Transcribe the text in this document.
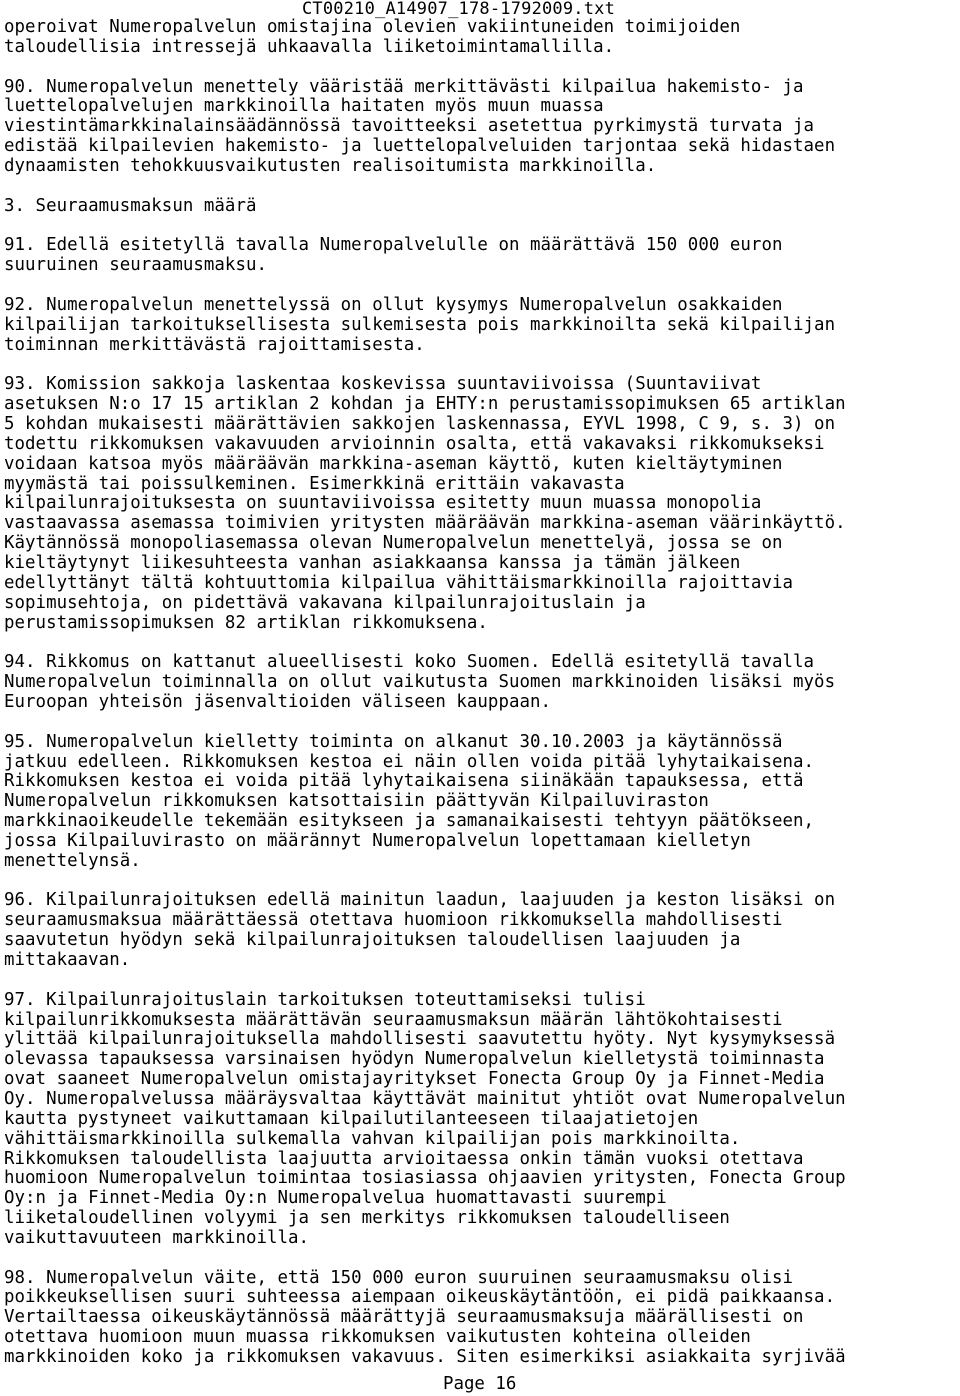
CT00210_A14907_178-1792009.txt
operoivat Numeropalvelun omistajina olevien vakiintuneiden toimijoiden
taloudellisia intressejä uhkaavalla liiketoimintamallilla.
90. Numeropalvelun menettely vääristää merkittävästi kilpailua hakemisto- ja
luettelopalvelujen markkinoilla haitaten myös muun muassa
viestintämarkkinalainsäädännössä tavoitteeksi asetettua pyrkimystä turvata ja
edistää kilpailevien hakemisto- ja luettelopalveluiden tarjontaa sekä hidastaen
dynaamisten tehokkuusvaikutusten realisoitumista markkinoilla.
3. Seuraamusmaksun määrä
91. Edellä esitetyllä tavalla Numeropalvelulle on määrättävä 150 000 euron
suuruinen seuraamusmaksu.
92. Numeropalvelun menettelyssä on ollut kysymys Numeropalvelun osakkaiden
kilpailijan tarkoituksellisesta sulkemisesta pois markkinoilta sekä kilpailijan
toiminnan merkittävästä rajoittamisesta.
93. Komission sakkoja laskentaa koskevissa suuntaviivoissa (Suuntaviivat
asetuksen N:o 17 15 artiklan 2 kohdan ja EHTY:n perustamissopimuksen 65 artiklan
5 kohdan mukaisesti määrättävien sakkojen laskennassa, EYVL 1998, C 9, s. 3) on
todettu rikkomuksen vakavuuden arvioinnin osalta, että vakavaksi rikkomukseksi
voidaan katsoa myös määräävän markkina-aseman käyttö, kuten kieltäytyminen
myymästä tai poissulkeminen. Esimerkkinä erittäin vakavasta
kilpailunrajoituksesta on suuntaviivoissa esitetty muun muassa monopolia
vastaavassa asemassa toimivien yritysten määräävän markkina-aseman väärinkäyttö.
Käytännössä monopoliasemassa olevan Numeropalvelun menettelyä, jossa se on
kieltäytynyt liikesuhteesta vanhan asiakkaansa kanssa ja tämän jälkeen
edellyttänyt tältä kohtuuttomia kilpailua vähittäismarkkinoilla rajoittavia
sopimusehtoja, on pidettävä vakavana kilpailunrajoituslain ja
perustamissopimuksen 82 artiklan rikkomuksena.
94. Rikkomus on kattanut alueellisesti koko Suomen. Edellä esitetyllä tavalla
Numeropalvelun toiminnalla on ollut vaikutusta Suomen markkinoiden lisäksi myös
Euroopan yhteisön jäsenvaltioiden väliseen kauppaan.
95. Numeropalvelun kielletty toiminta on alkanut 30.10.2003 ja käytännössä
jatkuu edelleen. Rikkomuksen kestoa ei näin ollen voida pitää lyhytaikaisena.
Rikkomuksen kestoa ei voida pitää lyhytaikaisena siinäkään tapauksessa, että
Numeropalvelun rikkomuksen katsottaisiin päättyvän Kilpailuviraston
markkinaoikeudelle tekemään esitykseen ja samanaikaisesti tehtyyn päätökseen,
jossa Kilpailuvirasto on määrännyt Numeropalvelun lopettamaan kielletyn
menettelynsä.
96. Kilpailunrajoituksen edellä mainitun laadun, laajuuden ja keston lisäksi on
seuraamusmaksua määrättäessä otettava huomioon rikkomuksella mahdollisesti
saavutetun hyödyn sekä kilpailunrajoituksen taloudellisen laajuuden ja
mittakaavan.
97. Kilpailunrajoituslain tarkoituksen toteuttamiseksi tulisi
kilpailunrikkomuksesta määrättävän seuraamusmaksun määrän lähtökohtaisesti
ylittää kilpailunrajoituksella mahdollisesti saavutettu hyöty. Nyt kysymyksessä
olevassa tapauksessa varsinaisen hyödyn Numeropalvelun kielletystä toiminnasta
ovat saaneet Numeropalvelun omistajayritykset Fonecta Group Oy ja Finnet-Media
Oy. Numeropalvelussa määräysvaltaa käyttävät mainitut yhtiöt ovat Numeropalvelun
kautta pystyneet vaikuttamaan kilpailutilanteeseen tilaajatietojen
vähittäismarkkinoilla sulkemalla vahvan kilpailijan pois markkinoilta.
Rikkomuksen taloudellista laajuutta arvioitaessa onkin tämän vuoksi otettava
huomioon Numeropalvelun toimintaa tosiasiassa ohjaavien yritysten, Fonecta Group
Oy:n ja Finnet-Media Oy:n Numeropalvelua huomattavasti suurempi
liiketaloudellinen volyymi ja sen merkitys rikkomuksen taloudelliseen
vaikuttavuuteen markkinoilla.
98. Numeropalvelun väite, että 150 000 euron suuruinen seuraamusmaksu olisi
poikkeuksellisen suuri suhteessa aiempaan oikeuskäytäntöön, ei pidä paikkaansa.
Vertailtaessa oikeuskäytännössä määrättyjä seuraamusmaksuja määrällisesti on
otettava huomioon muun muassa rikkomuksen vaikutusten kohteina olleiden
markkinoiden koko ja rikkomuksen vakavuus. Siten esimerkiksi asiakkaita syrjivää
Page 16
